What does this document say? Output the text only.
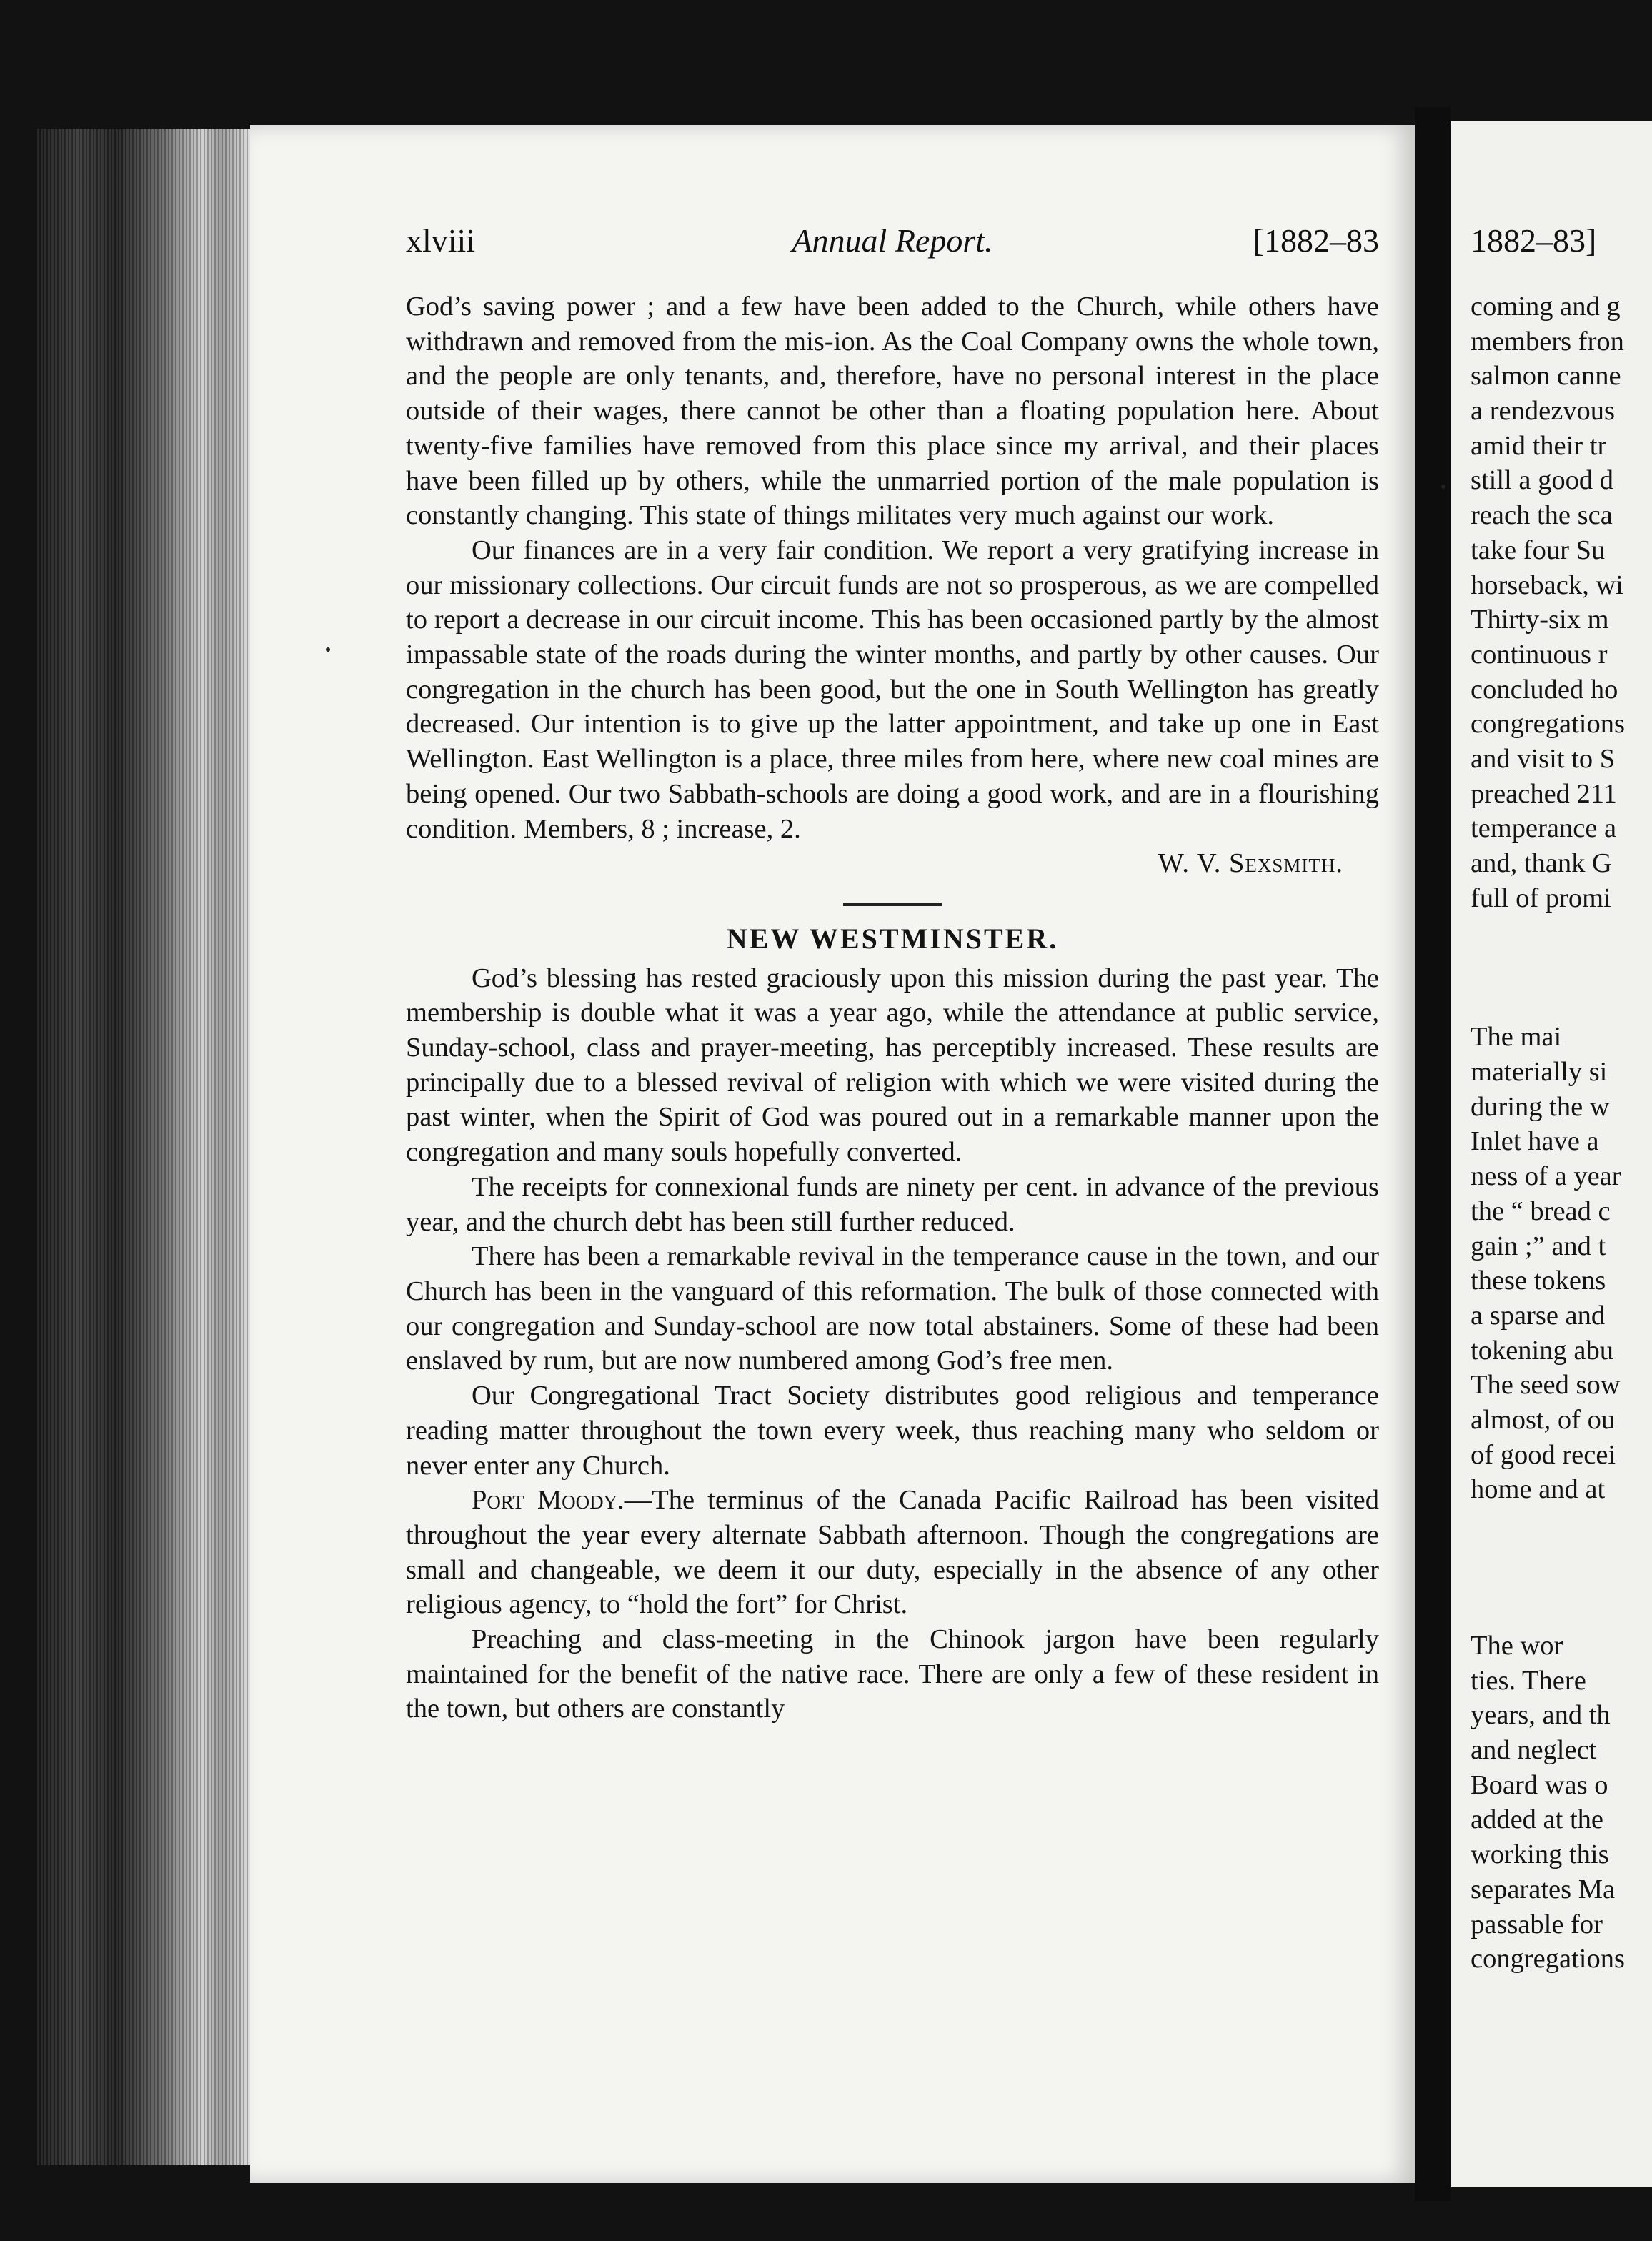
xlviii	Annual Report.	[1882–83

God’s saving power ; and a few have been added to the Church, while others have withdrawn and removed from the mis-ion. As the Coal Company owns the whole town, and the people are only tenants, and, therefore, have no personal interest in the place outside of their wages, there cannot be other than a floating population here. About twenty-five families have removed from this place since my arrival, and their places have been filled up by others, while the unmarried portion of the male population is constantly changing. This state of things militates very much against our work.

Our finances are in a very fair condition. We report a very gratifying increase in our missionary collections. Our circuit funds are not so prosperous, as we are compelled to report a decrease in our circuit income. This has been occasioned partly by the almost impassable state of the roads during the winter months, and partly by other causes. Our congregation in the church has been good, but the one in South Wellington has greatly decreased. Our intention is to give up the latter appointment, and take up one in East Wellington. East Wellington is a place, three miles from here, where new coal mines are being opened. Our two Sabbath-schools are doing a good work, and are in a flourishing condition. Members, 8 ; increase, 2.

W. V. Sexsmith.

NEW WESTMINSTER.

God’s blessing has rested graciously upon this mission during the past year. The membership is double what it was a year ago, while the attendance at public service, Sunday-school, class and prayer-meeting, has perceptibly increased. These results are principally due to a blessed revival of religion with which we were visited during the past winter, when the Spirit of God was poured out in a remarkable manner upon the congregation and many souls hopefully converted.

The receipts for connexional funds are ninety per cent. in advance of the previous year, and the church debt has been still further reduced.

There has been a remarkable revival in the temperance cause in the town, and our Church has been in the vanguard of this reformation. The bulk of those connected with our congregation and Sunday-school are now total abstainers. Some of these had been enslaved by rum, but are now numbered among God’s free men.

Our Congregational Tract Society distributes good religious and temperance reading matter throughout the town every week, thus reaching many who seldom or never enter any Church.

Port Moody.—The terminus of the Canada Pacific Railroad has been visited throughout the year every alternate Sabbath afternoon. Though the congregations are small and changeable, we deem it our duty, especially in the absence of any other religious agency, to “hold the fort” for Christ.

Preaching and class-meeting in the Chinook jargon have been regularly maintained for the benefit of the native race. There are only a few of these resident in the town, but others are constantly

1882–83]
coming and g
members fron
salmon canne
a rendezvous
amid their tr
still a good d
reach the sca
take four Su
horseback, wi
Thirty-six m
continuous r
concluded ho
congregations
and visit to S
preached 211
temperance a
and, thank G
full of promi
The mai
materially si
during the w
Inlet have a
ness of a year
the “ bread c
gain ;” and t
these tokens
a sparse and
tokening abu
The seed sow
almost, of ou
of good recei
home and at
The wor
ties. There
years, and th
and neglect
Board was o
added at the
working this
separates Ma
passable for
congregations
